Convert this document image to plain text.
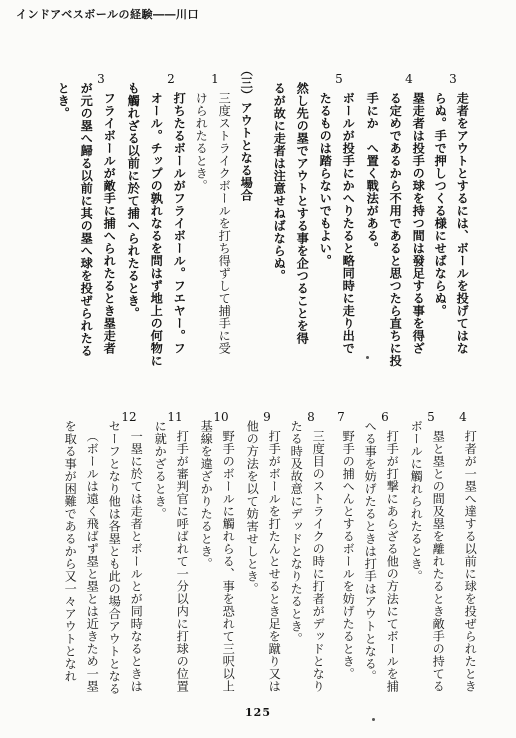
インドアベスボールの経験――川口
3
走者をアウトとするには、ボールを投げてはな
らぬ。手で押しつくる様にせばならぬ。
4
塁走者は投手の球を持つ間は發足する事を得ざ
る定めであるから不用であると思つたら直ちに投
手にか　へ置く戰法がある。
5
ボールが投手にかへりたると略同時に走り出で
たるものは踏らないでもよい。
然し先の塁でアウトとする事を企つることを得
るが故に走者は注意せねばならぬ。
（三）アウトとなる場合
1
三度ストライクボールを打ち得ずして捕手に受
けられたるとき。
2
打ちたるボールがフライボール。フエヤー。フ
オール。チップの孰れなるを問はず地上の何物に
も觸れざる以前に於て捕へられたるとき。
3
フライボールが敵手に捕へられたるとき塁走者
が元の塁へ歸る以前に其の塁へ球を投ぜられたる
とき。
4
打者が一塁へ達する以前に球を投ぜられたとき
5
塁と塁との間及塁を離れたるとき敵手の持てる
ボールに觸れられたるとき。
6
打手が打撃にあらざる他の方法にてボールを捕
へる事を妨げたるときは打手はアウトとなる。
7
野手の捕へんとするボールを妨げたるとき。
8
三度目のストライクの時に打者がデッドとなり
たる時及故意にデッドとなりたるとき。
9
打手がボールを打たんとせるとき足を蹴り又は
他の方法を以て妨害せしとき。
10
野手のボールに觸れらる、事を恐れて三呎以上
基線を違ざかりたるとき。
11
打手が審判官に呼ばれて一分以内に打球の位置
に就かざるとき。
12
一塁に於ては走者とボールとが同時なるときは
セーフとなり他は各塁とも此の場合アウトとなる
（ボールは遠く飛ばず塁と塁とは近きため一塁
を取る事が困難であるから又一々アウトとなれ
125
